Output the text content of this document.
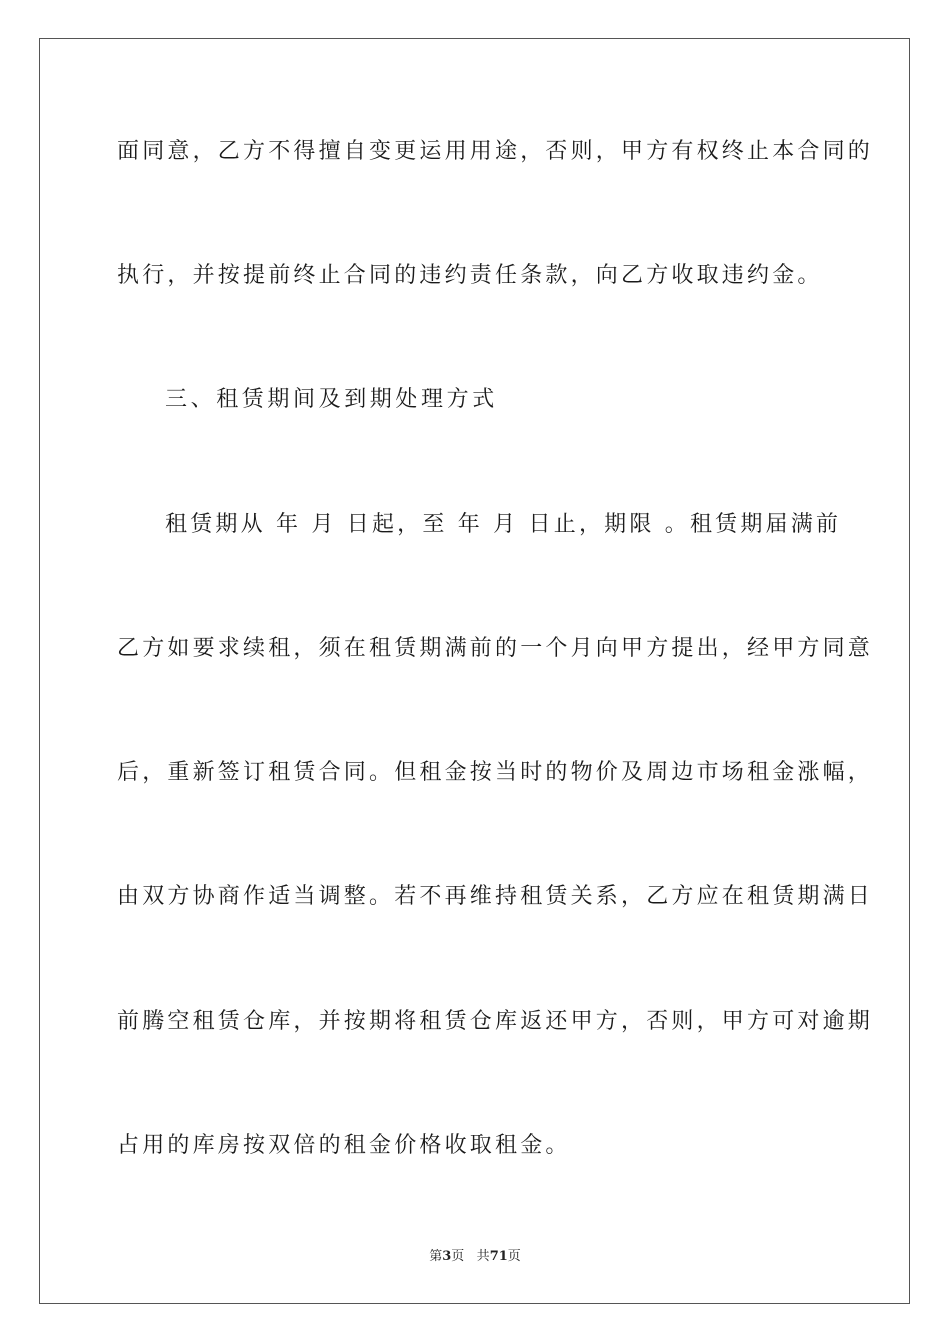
面同意，乙方不得擅自变更运用用途，否则，甲方有权终止本合同的
执行，并按提前终止合同的违约责任条款，向乙方收取违约金。
三、租赁期间及到期处理方式
租赁期从 年 月 日起，至 年 月 日止，期限 。租赁期届满前
乙方如要求续租，须在租赁期满前的一个月向甲方提出，经甲方同意
后，重新签订租赁合同。但租金按当时的物价及周边市场租金涨幅，
由双方协商作适当调整。若不再维持租赁关系，乙方应在租赁期满日
前腾空租赁仓库，并按期将租赁仓库返还甲方，否则，甲方可对逾期
占用的库房按双倍的租金价格收取租金。
第3页 共71页
